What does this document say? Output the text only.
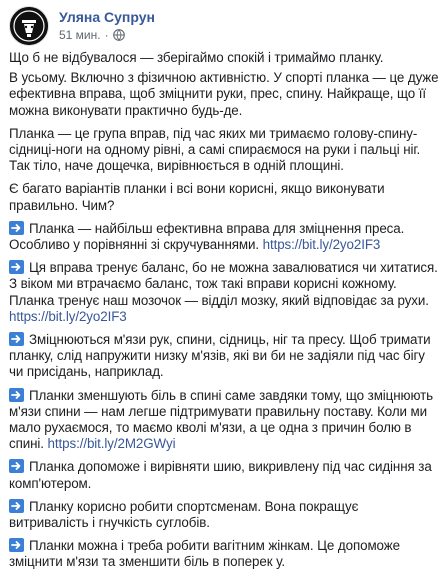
Уляна Супрун
51 мин. ·

Що б не відбувалося — зберігаймо спокій і тримаймо планку.

В усьому. Включно з фізичною активністю. У спорті планка — це дуже ефективна вправа, щоб зміцнити руки, прес, спину. Найкраще, що її можна виконувати практично будь-де.

Планка — це група вправ, під час яких ми тримаємо голову-спину-сідниці-ноги на одному рівні, а самі спираємося на руки і пальці ніг. Так тіло, наче дощечка, вирівнюється в одній площині.

Є багато варіантів планки і всі вони корисні, якщо виконувати правильно. Чим?

Планка — найбільш ефективна вправа для зміцнення преса. Особливо у порівнянні зі скручуваннями. https://bit.ly/2yo2IF3

Ця вправа тренує баланс, бо не можна завалюватися чи хитатися. З віком ми втрачаємо баланс, тож такі вправи корисні кожному. Планка тренує наш мозочок — відділ мозку, який відповідає за рухи. https://bit.ly/2yo2IF3

Зміцнюються м'язи рук, спини, сідниць, ніг та пресу. Щоб тримати планку, слід напружити низку м'язів, які ви би не задіяли під час бігу чи присідань, наприклад.

Планки зменшують біль в спині саме завдяки тому, що зміцнюють м'язи спини — нам легше підтримувати правильну поставу. Коли ми мало рухаємося, то маємо кволі м'язи, а це одна з причин болю в спині. https://bit.ly/2M2GWyi

Планка допоможе і вирівняти шию, викривлену під час сидіння за комп'ютером.

Планку корисно робити спортсменам. Вона покращує витривалість і гнучкість суглобів.

Планки можна і треба робити вагітним жінкам. Це допоможе зміцнити м'язи та зменшити біль в поперек у.
